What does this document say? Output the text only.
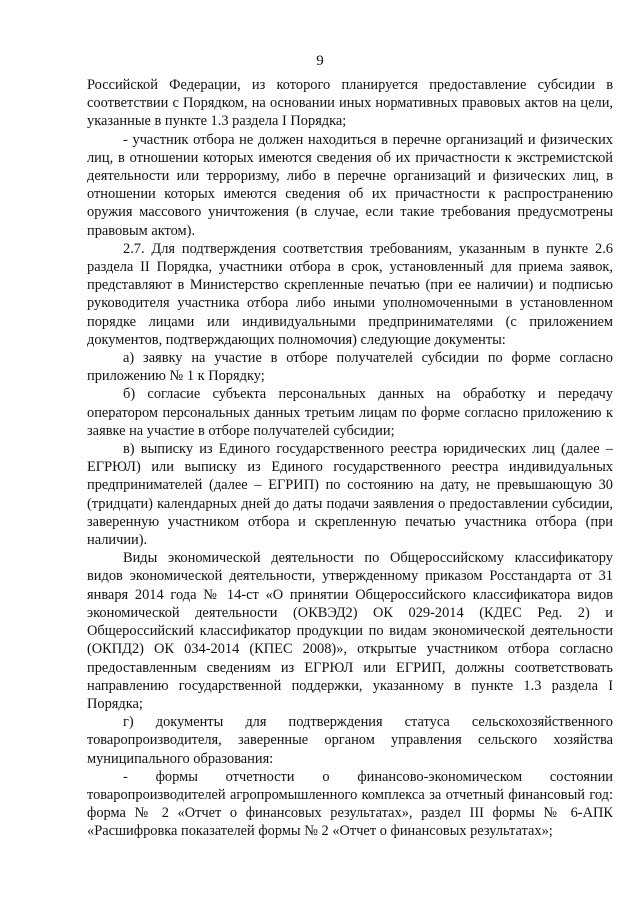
9

Российской Федерации, из которого планируется предоставление субсидии в соответствии с Порядком, на основании иных нормативных правовых актов на цели, указанные в пункте 1.3 раздела I Порядка;

- участник отбора не должен находиться в перечне организаций и физических лиц, в отношении которых имеются сведения об их причастности к экстремистской деятельности или терроризму, либо в перечне организаций и физических лиц, в отношении которых имеются сведения об их причастности к распространению оружия массового уничтожения (в случае, если такие требования предусмотрены правовым актом).

2.7. Для подтверждения соответствия требованиям, указанным в пункте 2.6 раздела II Порядка, участники отбора в срок, установленный для приема заявок, представляют в Министерство скрепленные печатью (при ее наличии) и подписью руководителя участника отбора либо иными уполномоченными в установленном порядке лицами или индивидуальными предпринимателями (с приложением документов, подтверждающих полномочия) следующие документы:

а) заявку на участие в отборе получателей субсидии по форме согласно приложению № 1 к Порядку;

б) согласие субъекта персональных данных на обработку и передачу оператором персональных данных третьим лицам по форме согласно приложению к заявке на участие в отборе получателей субсидии;

в) выписку из Единого государственного реестра юридических лиц (далее – ЕГРЮЛ) или выписку из Единого государственного реестра индивидуальных предпринимателей (далее – ЕГРИП) по состоянию на дату, не превышающую 30 (тридцати) календарных дней до даты подачи заявления о предоставлении субсидии, заверенную участником отбора и скрепленную печатью участника отбора (при наличии).

Виды экономической деятельности по Общероссийскому классификатору видов экономической деятельности, утвержденному приказом Росстандарта от 31 января 2014 года № 14-ст «О принятии Общероссийского классификатора видов экономической деятельности (ОКВЭД2) ОК 029-2014 (КДЕС Ред. 2) и Общероссийский классификатор продукции по видам экономической деятельности (ОКПД2) ОК 034-2014 (КПЕС 2008)», открытые участником отбора согласно предоставленным сведениям из ЕГРЮЛ или ЕГРИП, должны соответствовать направлению государственной поддержки, указанному в пункте 1.3 раздела I Порядка;

г) документы для подтверждения статуса сельскохозяйственного товаропроизводителя, заверенные органом управления сельского хозяйства муниципального образования:

- формы отчетности о финансово-экономическом состоянии товаропроизводителей агропромышленного комплекса за отчетный финансовый год: форма № 2 «Отчет о финансовых результатах», раздел III формы № 6-АПК «Расшифровка показателей формы № 2 «Отчет о финансовых результатах»;
